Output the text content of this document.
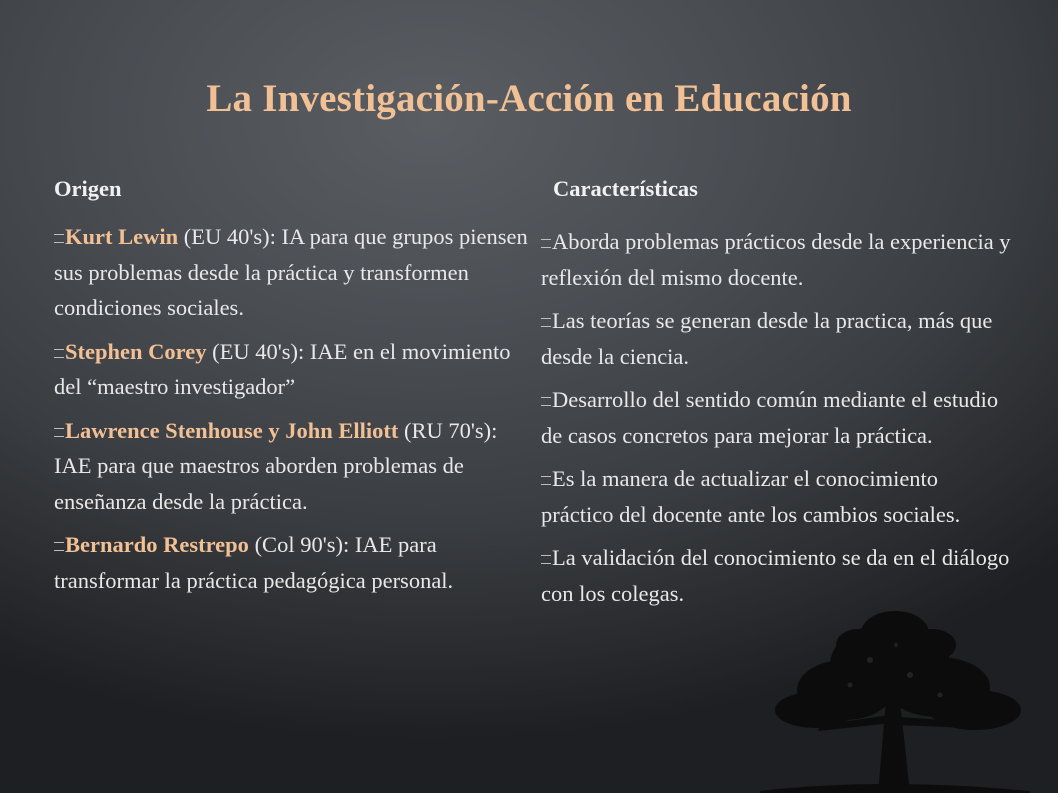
La Investigación-Acción en Educación
Origen
Kurt Lewin (EU 40's): IA para que grupos piensen sus problemas desde la práctica y transformen condiciones sociales.
Stephen Corey (EU 40's): IAE en el movimiento del “maestro investigador”
Lawrence Stenhouse y John Elliott (RU 70's): IAE para que maestros aborden problemas de enseñanza desde la práctica.
Bernardo Restrepo (Col 90's): IAE para transformar la práctica pedagógica personal.
Características
Aborda problemas prácticos desde la experiencia y reflexión del mismo docente.
Las teorías se generan desde la practica, más que desde la ciencia.
Desarrollo del sentido común mediante el estudio de casos concretos para mejorar la práctica.
Es la manera de actualizar el conocimiento práctico del docente ante los cambios sociales.
La validación del conocimiento se da en el diálogo con los colegas.
